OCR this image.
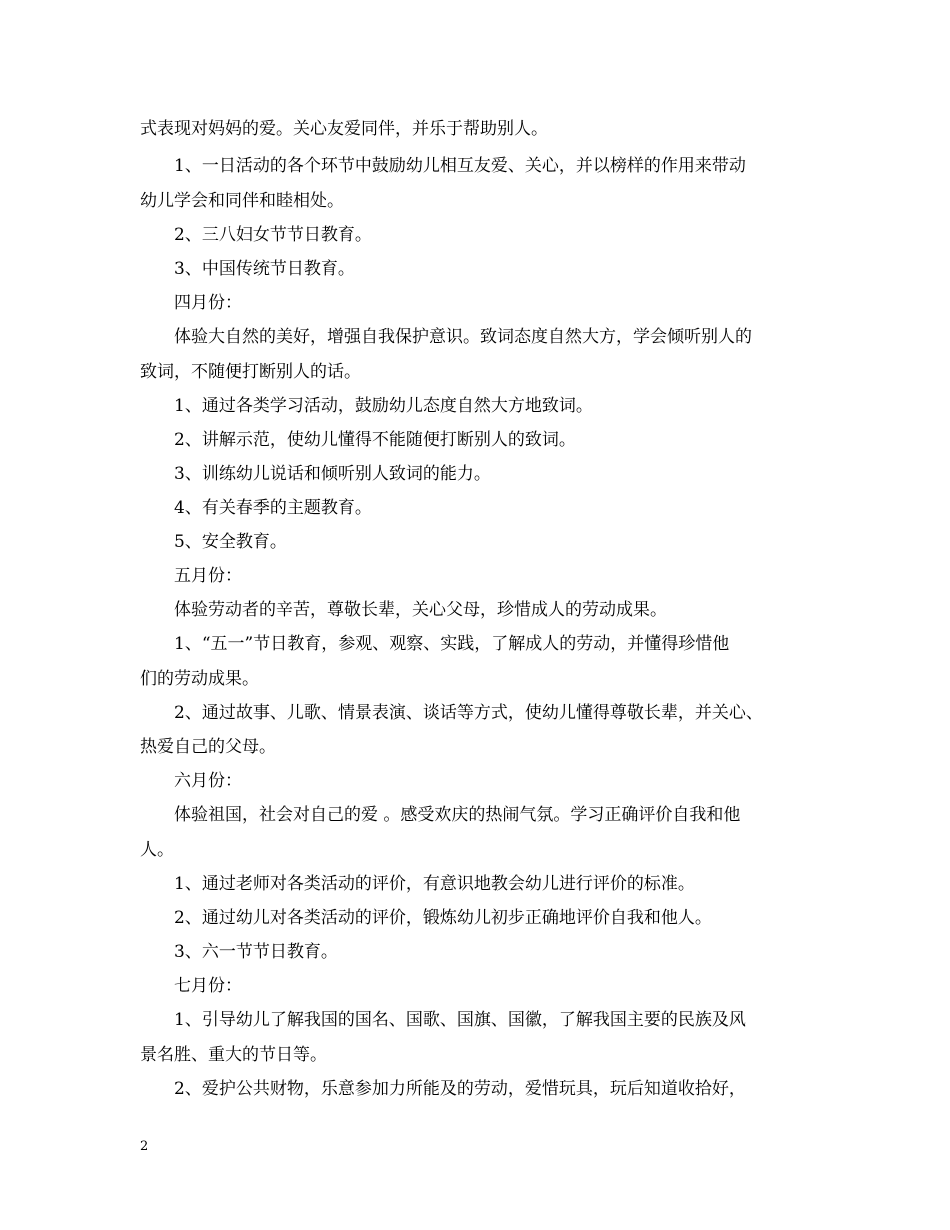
式表现对妈妈的爱。关心友爱同伴，并乐于帮助别人。
1、一日活动的各个环节中鼓励幼儿相互友爱、关心，并以榜样的作用来带动
幼儿学会和同伴和睦相处。
2、三八妇女节节日教育。
3、中国传统节日教育。
四月份：
体验大自然的美好，增强自我保护意识。致词态度自然大方，学会倾听别人的
致词，不随便打断别人的话。
1、通过各类学习活动，鼓励幼儿态度自然大方地致词。
2、讲解示范，使幼儿懂得不能随便打断别人的致词。
3、训练幼儿说话和倾听别人致词的能力。
4、有关春季的主题教育。
5、安全教育。
五月份：
体验劳动者的辛苦，尊敬长辈，关心父母，珍惜成人的劳动成果。
1、“五一”节日教育，参观、观察、实践，了解成人的劳动，并懂得珍惜他
们的劳动成果。
2、通过故事、儿歌、情景表演、谈话等方式，使幼儿懂得尊敬长辈，并关心、
热爱自己的父母。
六月份：
体验祖国，社会对自己的爱 。感受欢庆的热闹气氛。学习正确评价自我和他
人。
1、通过老师对各类活动的评价，有意识地教会幼儿进行评价的标准。
2、通过幼儿对各类活动的评价，锻炼幼儿初步正确地评价自我和他人。
3、六一节节日教育。
七月份：
1、引导幼儿了解我国的国名、国歌、国旗、国徽，了解我国主要的民族及风
景名胜、重大的节日等。
2、爱护公共财物，乐意参加力所能及的劳动，爱惜玩具，玩后知道收拾好，
2
